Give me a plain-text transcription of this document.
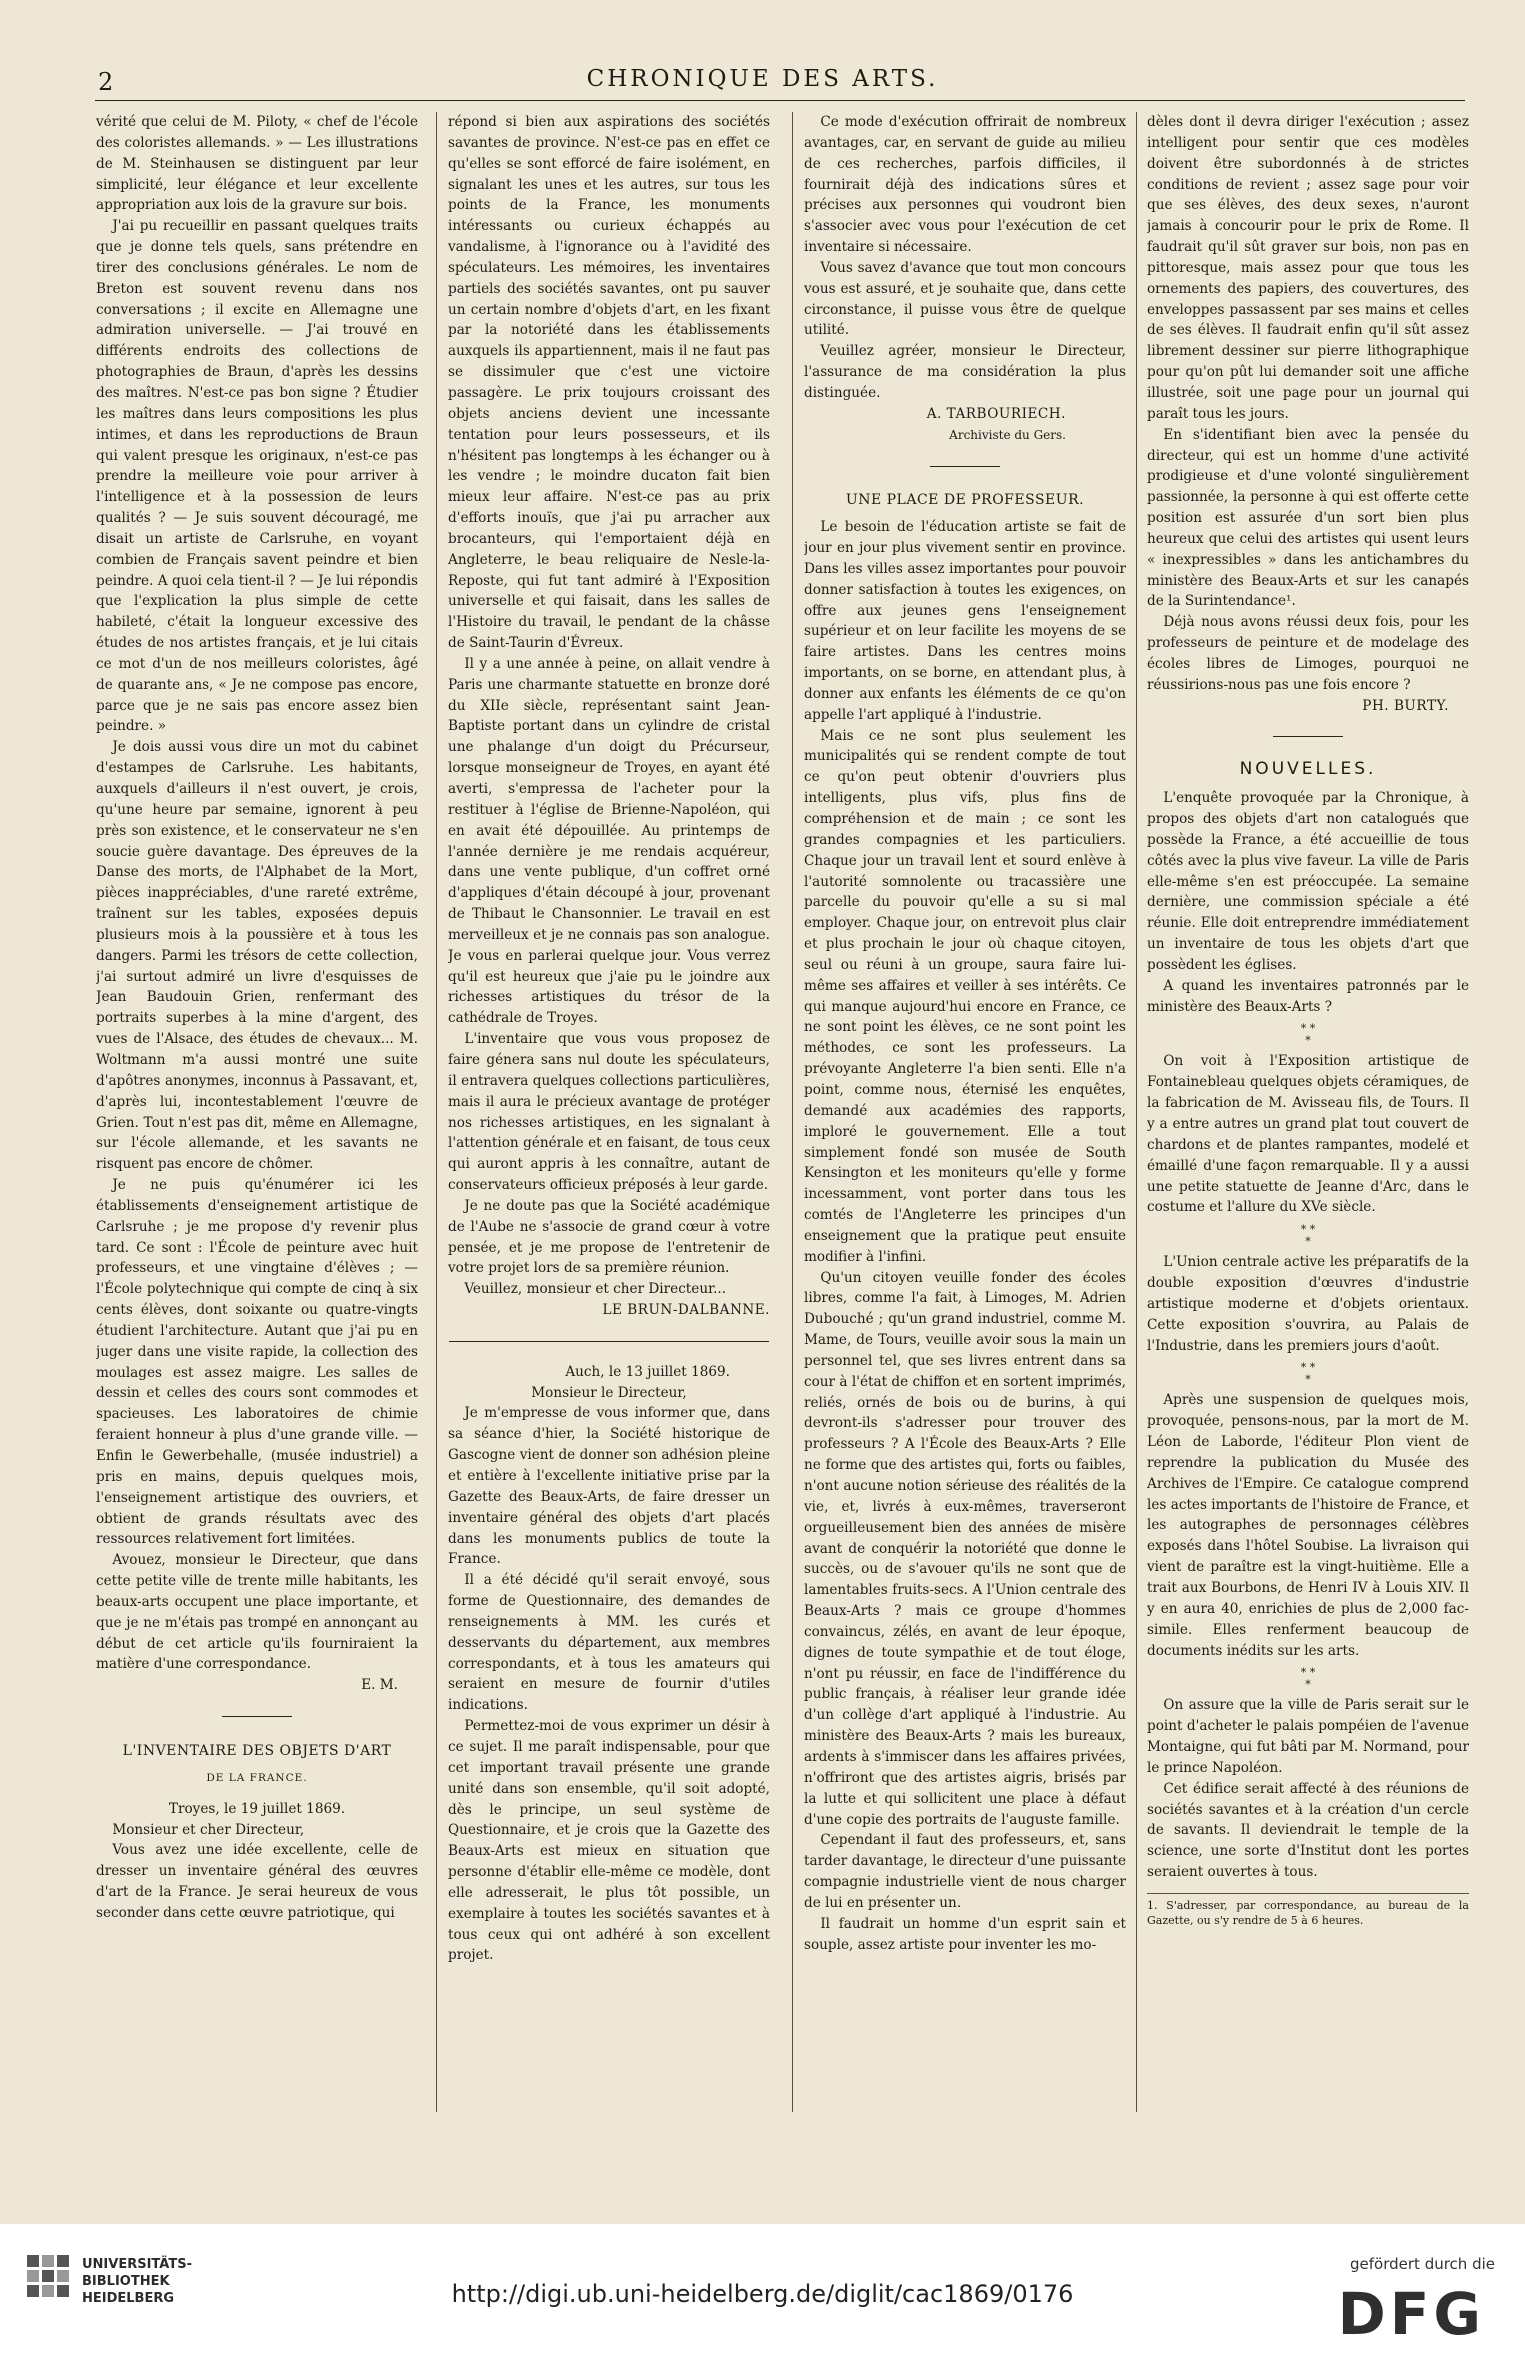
2	CHRONIQUE DES ARTS.

vérité que celui de M. Piloty, « chef de l'école des coloristes allemands. » — Les illustrations de M. Steinhausen se distinguent par leur simplicité, leur élégance et leur excellente appropriation aux lois de la gravure sur bois.

J'ai pu recueillir en passant quelques traits que je donne tels quels, sans prétendre en tirer des conclusions générales. Le nom de Breton est souvent revenu dans nos conversations ; il excite en Allemagne une admiration universelle. — J'ai trouvé en différents endroits des collections de photographies de Braun, d'après les dessins des maîtres. N'est-ce pas bon signe ? Étudier les maîtres dans leurs compositions les plus intimes, et dans les reproductions de Braun qui valent presque les originaux, n'est-ce pas prendre la meilleure voie pour arriver à l'intelligence et à la possession de leurs qualités ? — Je suis souvent découragé, me disait un artiste de Carlsruhe, en voyant combien de Français savent peindre et bien peindre. A quoi cela tient-il ? — Je lui répondis que l'explication la plus simple de cette habileté, c'était la longueur excessive des études de nos artistes français, et je lui citais ce mot d'un de nos meilleurs coloristes, âgé de quarante ans, « Je ne compose pas encore, parce que je ne sais pas encore assez bien peindre. »

Je dois aussi vous dire un mot du cabinet d'estampes de Carlsruhe. Les habitants, auxquels d'ailleurs il n'est ouvert, je crois, qu'une heure par semaine, ignorent à peu près son existence, et le conservateur ne s'en soucie guère davantage. Des épreuves de la Danse des morts, de l'Alphabet de la Mort, pièces inappréciables, d'une rareté extrême, traînent sur les tables, exposées depuis plusieurs mois à la poussière et à tous les dangers. Parmi les trésors de cette collection, j'ai surtout admiré un livre d'esquisses de Jean Baudouin Grien, renfermant des portraits superbes à la mine d'argent, des vues de l'Alsace, des études de chevaux... M. Woltmann m'a aussi montré une suite d'apôtres anonymes, inconnus à Passavant, et, d'après lui, incontestablement l'œuvre de Grien. Tout n'est pas dit, même en Allemagne, sur l'école allemande, et les savants ne risquent pas encore de chômer.

Je ne puis qu'énumérer ici les établissements d'enseignement artistique de Carlsruhe ; je me propose d'y revenir plus tard. Ce sont : l'École de peinture avec huit professeurs, et une vingtaine d'élèves ; — l'École polytechnique qui compte de cinq à six cents élèves, dont soixante ou quatre-vingts étudient l'architecture. Autant que j'ai pu en juger dans une visite rapide, la collection des moulages est assez maigre. Les salles de dessin et celles des cours sont commodes et spacieuses. Les laboratoires de chimie feraient honneur à plus d'une grande ville. — Enfin le Gewerbehalle, (musée industriel) a pris en mains, depuis quelques mois, l'enseignement artistique des ouvriers, et obtient de grands résultats avec des ressources relativement fort limitées.

Avouez, monsieur le Directeur, que dans cette petite ville de trente mille habitants, les beaux-arts occupent une place importante, et que je ne m'étais pas trompé en annonçant au début de cet article qu'ils fourniraient la matière d'une correspondance.

E. M.

L'INVENTAIRE DES OBJETS D'ART
DE LA FRANCE.

Troyes, le 19 juillet 1869.

Monsieur et cher Directeur,

Vous avez une idée excellente, celle de dresser un inventaire général des œuvres d'art de la France. Je serai heureux de vous seconder dans cette œuvre patriotique, qui

répond si bien aux aspirations des sociétés savantes de province. N'est-ce pas en effet ce qu'elles se sont efforcé de faire isolément, en signalant les unes et les autres, sur tous les points de la France, les monuments intéressants ou curieux échappés au vandalisme, à l'ignorance ou à l'avidité des spéculateurs. Les mémoires, les inventaires partiels des sociétés savantes, ont pu sauver un certain nombre d'objets d'art, en les fixant par la notoriété dans les établissements auxquels ils appartiennent, mais il ne faut pas se dissimuler que c'est une victoire passagère. Le prix toujours croissant des objets anciens devient une incessante tentation pour leurs possesseurs, et ils n'hésitent pas longtemps à les échanger ou à les vendre ; le moindre ducaton fait bien mieux leur affaire. N'est-ce pas au prix d'efforts inouïs, que j'ai pu arracher aux brocanteurs, qui l'emportaient déjà en Angleterre, le beau reliquaire de Nesle-la-Reposte, qui fut tant admiré à l'Exposition universelle et qui faisait, dans les salles de l'Histoire du travail, le pendant de la châsse de Saint-Taurin d'Évreux.

Il y a une année à peine, on allait vendre à Paris une charmante statuette en bronze doré du XIIe siècle, représentant saint Jean-Baptiste portant dans un cylindre de cristal une phalange d'un doigt du Précurseur, lorsque monseigneur de Troyes, en ayant été averti, s'empressa de l'acheter pour la restituer à l'église de Brienne-Napoléon, qui en avait été dépouillée. Au printemps de l'année dernière je me rendais acquéreur, dans une vente publique, d'un coffret orné d'appliques d'étain découpé à jour, provenant de Thibaut le Chansonnier. Le travail en est merveilleux et je ne connais pas son analogue. Je vous en parlerai quelque jour. Vous verrez qu'il est heureux que j'aie pu le joindre aux richesses artistiques du trésor de la cathédrale de Troyes.

L'inventaire que vous vous proposez de faire génera sans nul doute les spéculateurs, il entravera quelques collections particulières, mais il aura le précieux avantage de protéger nos richesses artistiques, en les signalant à l'attention générale et en faisant, de tous ceux qui auront appris à les connaître, autant de conservateurs officieux préposés à leur garde.

Je ne doute pas que la Société académique de l'Aube ne s'associe de grand cœur à votre pensée, et je me propose de l'entretenir de votre projet lors de sa première réunion.

Veuillez, monsieur et cher Directeur...

LE BRUN-DALBANNE.

Auch, le 13 juillet 1869.

Monsieur le Directeur,

Je m'empresse de vous informer que, dans sa séance d'hier, la Société historique de Gascogne vient de donner son adhésion pleine et entière à l'excellente initiative prise par la Gazette des Beaux-Arts, de faire dresser un inventaire général des objets d'art placés dans les monuments publics de toute la France.

Il a été décidé qu'il serait envoyé, sous forme de Questionnaire, des demandes de renseignements à MM. les curés et desservants du département, aux membres correspondants, et à tous les amateurs qui seraient en mesure de fournir d'utiles indications.

Permettez-moi de vous exprimer un désir à ce sujet. Il me paraît indispensable, pour que cet important travail présente une grande unité dans son ensemble, qu'il soit adopté, dès le principe, un seul système de Questionnaire, et je crois que la Gazette des Beaux-Arts est mieux en situation que personne d'établir elle-même ce modèle, dont elle adresserait, le plus tôt possible, un exemplaire à toutes les sociétés savantes et à tous ceux qui ont adhéré à son excellent projet.

Ce mode d'exécution offrirait de nombreux avantages, car, en servant de guide au milieu de ces recherches, parfois difficiles, il fournirait déjà des indications sûres et précises aux personnes qui voudront bien s'associer avec vous pour l'exécution de cet inventaire si nécessaire.

Vous savez d'avance que tout mon concours vous est assuré, et je souhaite que, dans cette circonstance, il puisse vous être de quelque utilité.

Veuillez agréer, monsieur le Directeur, l'assurance de ma considération la plus distinguée.

A. TARBOURIECH.

Archiviste du Gers.

UNE PLACE DE PROFESSEUR.

Le besoin de l'éducation artiste se fait de jour en jour plus vivement sentir en province. Dans les villes assez importantes pour pouvoir donner satisfaction à toutes les exigences, on offre aux jeunes gens l'enseignement supérieur et on leur facilite les moyens de se faire artistes. Dans les centres moins importants, on se borne, en attendant plus, à donner aux enfants les éléments de ce qu'on appelle l'art appliqué à l'industrie.

Mais ce ne sont plus seulement les municipalités qui se rendent compte de tout ce qu'on peut obtenir d'ouvriers plus intelligents, plus vifs, plus fins de compréhension et de main ; ce sont les grandes compagnies et les particuliers. Chaque jour un travail lent et sourd enlève à l'autorité somnolente ou tracassière une parcelle du pouvoir qu'elle a su si mal employer. Chaque jour, on entrevoit plus clair et plus prochain le jour où chaque citoyen, seul ou réuni à un groupe, saura faire lui-même ses affaires et veiller à ses intérêts. Ce qui manque aujourd'hui encore en France, ce ne sont point les élèves, ce ne sont point les méthodes, ce sont les professeurs. La prévoyante Angleterre l'a bien senti. Elle n'a point, comme nous, éternisé les enquêtes, demandé aux académies des rapports, imploré le gouvernement. Elle a tout simplement fondé son musée de South Kensington et les moniteurs qu'elle y forme incessamment, vont porter dans tous les comtés de l'Angleterre les principes d'un enseignement que la pratique peut ensuite modifier à l'infini.

Qu'un citoyen veuille fonder des écoles libres, comme l'a fait, à Limoges, M. Adrien Dubouché ; qu'un grand industriel, comme M. Mame, de Tours, veuille avoir sous la main un personnel tel, que ses livres entrent dans sa cour à l'état de chiffon et en sortent imprimés, reliés, ornés de bois ou de burins, à qui devront-ils s'adresser pour trouver des professeurs ? A l'École des Beaux-Arts ? Elle ne forme que des artistes qui, forts ou faibles, n'ont aucune notion sérieuse des réalités de la vie, et, livrés à eux-mêmes, traverseront orgueilleusement bien des années de misère avant de conquérir la notoriété que donne le succès, ou de s'avouer qu'ils ne sont que de lamentables fruits-secs. A l'Union centrale des Beaux-Arts ? mais ce groupe d'hommes convaincus, zélés, en avant de leur époque, dignes de toute sympathie et de tout éloge, n'ont pu réussir, en face de l'indifférence du public français, à réaliser leur grande idée d'un collège d'art appliqué à l'industrie. Au ministère des Beaux-Arts ? mais les bureaux, ardents à s'immiscer dans les affaires privées, n'offriront que des artistes aigris, brisés par la lutte et qui sollicitent une place à défaut d'une copie des portraits de l'auguste famille.

Cependant il faut des professeurs, et, sans tarder davantage, le directeur d'une puissante compagnie industrielle vient de nous charger de lui en présenter un.

Il faudrait un homme d'un esprit sain et souple, assez artiste pour inventer les mo-

dèles dont il devra diriger l'exécution ; assez intelligent pour sentir que ces modèles doivent être subordonnés à de strictes conditions de revient ; assez sage pour voir que ses élèves, des deux sexes, n'auront jamais à concourir pour le prix de Rome. Il faudrait qu'il sût graver sur bois, non pas en pittoresque, mais assez pour que tous les ornements des papiers, des couvertures, des enveloppes passassent par ses mains et celles de ses élèves. Il faudrait enfin qu'il sût assez librement dessiner sur pierre lithographique pour qu'on pût lui demander soit une affiche illustrée, soit une page pour un journal qui paraît tous les jours.

En s'identifiant bien avec la pensée du directeur, qui est un homme d'une activité prodigieuse et d'une volonté singulièrement passionnée, la personne à qui est offerte cette position est assurée d'un sort bien plus heureux que celui des artistes qui usent leurs « inexpressibles » dans les antichambres du ministère des Beaux-Arts et sur les canapés de la Surintendance¹.

Déjà nous avons réussi deux fois, pour les professeurs de peinture et de modelage des écoles libres de Limoges, pourquoi ne réussirions-nous pas une fois encore ?

PH. BURTY.

NOUVELLES.

L'enquête provoquée par la Chronique, à propos des objets d'art non catalogués que possède la France, a été accueillie de tous côtés avec la plus vive faveur. La ville de Paris elle-même s'en est préoccupée. La semaine dernière, une commission spéciale a été réunie. Elle doit entreprendre immédiatement un inventaire de tous les objets d'art que possèdent les églises.

A quand les inventaires patronnés par le ministère des Beaux-Arts ?

* *
*

On voit à l'Exposition artistique de Fontainebleau quelques objets céramiques, de la fabrication de M. Avisseau fils, de Tours. Il y a entre autres un grand plat tout couvert de chardons et de plantes rampantes, modelé et émaillé d'une façon remarquable. Il y a aussi une petite statuette de Jeanne d'Arc, dans le costume et l'allure du XVe siècle.

* *
*

L'Union centrale active les préparatifs de la double exposition d'œuvres d'industrie artistique moderne et d'objets orientaux. Cette exposition s'ouvrira, au Palais de l'Industrie, dans les premiers jours d'août.

* *
*

Après une suspension de quelques mois, provoquée, pensons-nous, par la mort de M. Léon de Laborde, l'éditeur Plon vient de reprendre la publication du Musée des Archives de l'Empire. Ce catalogue comprend les actes importants de l'histoire de France, et les autographes de personnages célèbres exposés dans l'hôtel Soubise. La livraison qui vient de paraître est la vingt-huitième. Elle a trait aux Bourbons, de Henri IV à Louis XIV. Il y en aura 40, enrichies de plus de 2,000 fac-simile. Elles renferment beaucoup de documents inédits sur les arts.

* *
*

On assure que la ville de Paris serait sur le point d'acheter le palais pompéien de l'avenue Montaigne, qui fut bâti par M. Normand, pour le prince Napoléon.

Cet édifice serait affecté à des réunions de sociétés savantes et à la création d'un cercle de savants. Il deviendrait le temple de la science, une sorte d'Institut dont les portes seraient ouvertes à tous.

1. S'adresser, par correspondance, au bureau de la Gazette, ou s'y rendre de 5 à 6 heures.
UNIVERSITÄTS-
BIBLIOTHEK
HEIDELBERG	http://digi.ub.uni-heidelberg.de/diglit/cac1869/0176
gefördert durch die
DFG
